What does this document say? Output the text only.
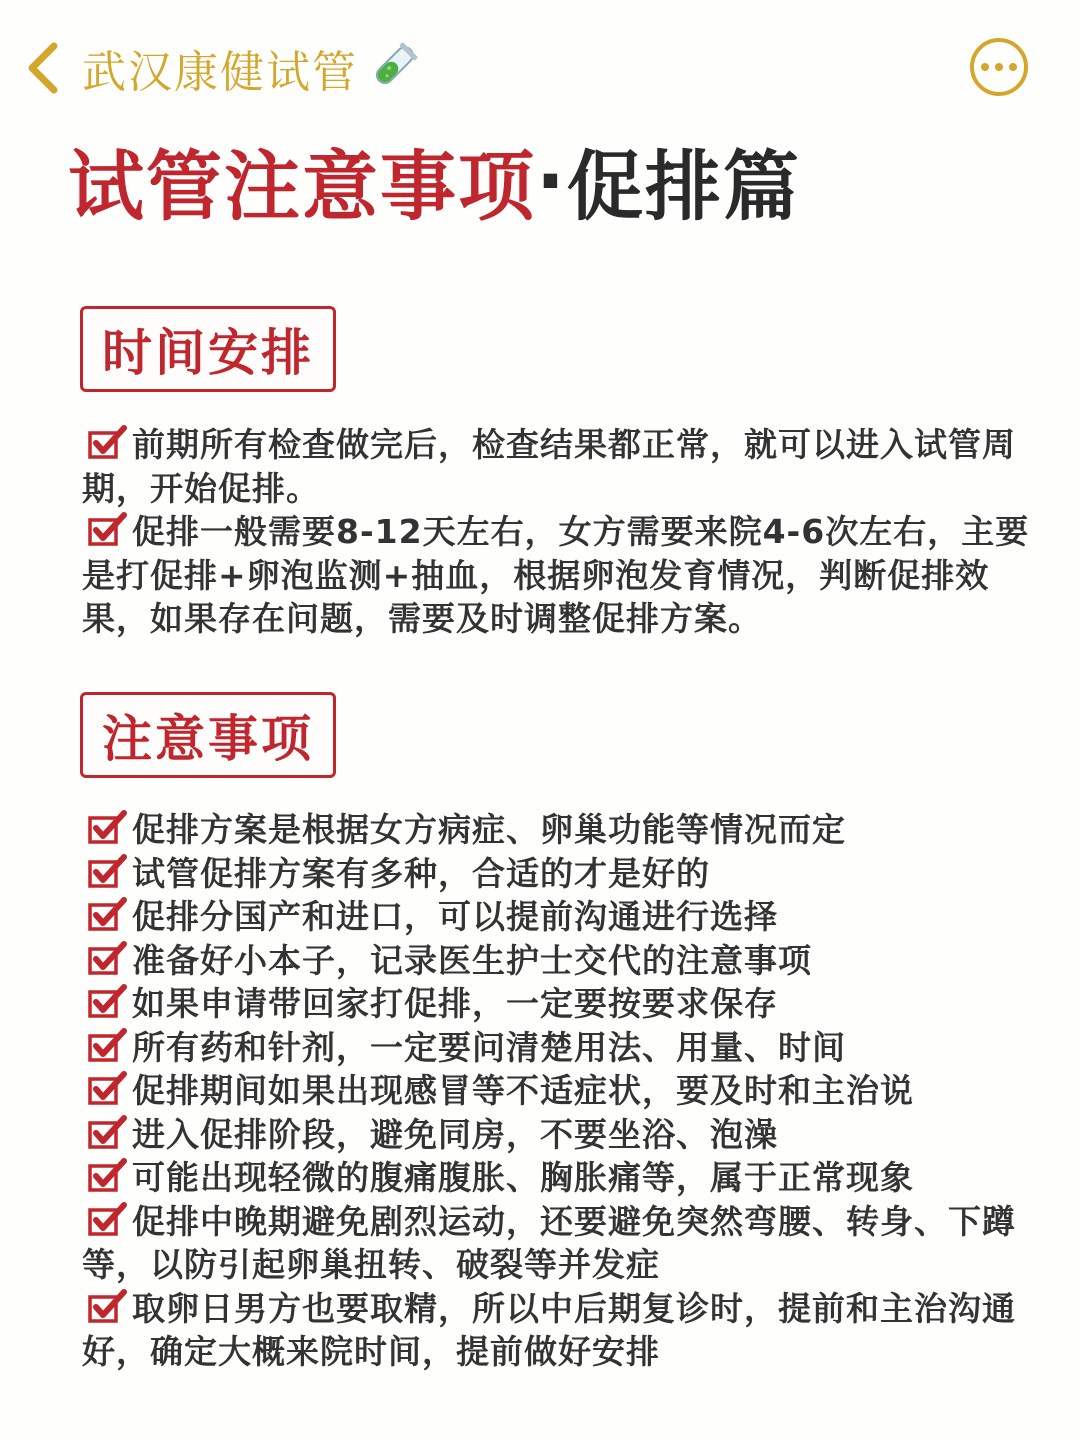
武汉康健试管
试管注意事项 · 促排篇
时间安排

前期所有检查做完后，检查结果都正常，就可以进入试管周期，开始促排。

促排一般需要8-12天左右，女方需要来院4-6次左右，主要是打促排+卵泡监测+抽血，根据卵泡发育情况，判断促排效果，如果存在问题，需要及时调整促排方案。

注意事项

促排方案是根据女方病症、卵巢功能等情况而定

试管促排方案有多种，合适的才是好的

促排分国产和进口，可以提前沟通进行选择

准备好小本子，记录医生护士交代的注意事项

如果申请带回家打促排，一定要按要求保存

所有药和针剂，一定要问清楚用法、用量、时间

促排期间如果出现感冒等不适症状，要及时和主治说

进入促排阶段，避免同房，不要坐浴、泡澡

可能出现轻微的腹痛腹胀、胸胀痛等，属于正常现象

促排中晚期避免剧烈运动，还要避免突然弯腰、转身、下蹲等，以防引起卵巢扭转、破裂等并发症

取卵日男方也要取精，所以中后期复诊时，提前和主治沟通好，确定大概来院时间，提前做好安排
